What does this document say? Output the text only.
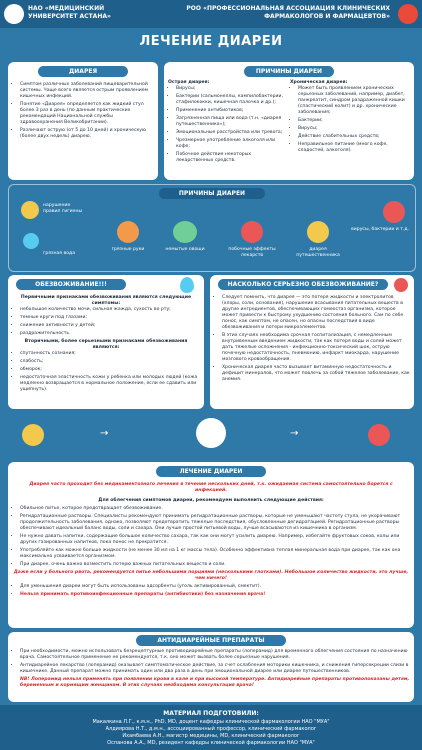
НАО «МЕДИЦИНСКИЙ УНИВЕРСИТЕТ АСТАНА»
РОО «ПРОФЕССИОНАЛЬНАЯ АССОЦИАЦИЯ КЛИНИЧЕСКИХ ФАРМАКОЛОГОВ И ФАРМАЦЕВТОВ»
ЛЕЧЕНИЕ ДИАРЕИ
ДИАРЕЯ
• Симптом различных заболеваний пищеварительной системы. Чаще всего является острым проявлением кишечных инфекций.
• Понятие «Диарея» определяется как жидкий стул более 3 раз в день (по данным практических рекомендаций Национальной службы здравоохранения Великобритании).
• Различают острую (от 5 до 10 дней) и хроническую (более двух недель) диарею.
ПРИЧИНЫ ДИАРЕИ
Острая диарея:
• Вирусы;
• Бактерии (сальмонеллы, кампилобактерии, стафилококки, кишечная палочка и др.);
• Применение антибиотиков;
• Загрязненная пища или вода (т.н. «диарея путешественника»);
• Эмоциональные расстройства или тревога;
• Чрезмерное употребление алкоголя или кофе;
• Побочное действие некоторых лекарственных средств.
Хроническая диарея:
• Может быть проявлением хронических серьезных заболеваний, например, диабет, панкреатит, синдром раздраженной кишки (спастический колит) и др. хронические заболевания;
• Бактерии;
• Вирусы;
• Действие слабительных средств;
• Неправильное питание (много кофе, сладостей, алкоголя).
ПРИЧИНЫ ДИАРЕИ
нарушение правил гигиены
грязная вода
грязные руки	немытые овощи	побочные эффекты лекарств
диарея путешественника
вирусы, бактерии и т.д.
ОБЕЗВОЖИВАНИЕ!!!
Первичными признаками обезвоживания являются следующие симптомы:
• небольшое количество мочи, сильная жажда, сухость во рту;
• темные круги под глазами;
• снижение активности у детей;
• раздражительность.
Вторичными, более серьезными признаками обезвоживания являются:
• спутанность сознания;
• слабость;
• обморок;
• недостаточная эластичность кожи у ребенка или молодых людей (кожа медленно возвращается в нормальное положение, если ее сдавить или ущипнуть).
НАСКОЛЬКО СЕРЬЕЗНО ОБЕЗВОЖИВАНИЕ?
• Следует помнить, что диарея — это потеря жидкости и электролитов (хлоры, соли, основания), нарушение всасывания питательных веществ в другие ингредиентов, обеспечивающих гомеостаз организма, которое может привести к быстрому ухудшению состояния больного. Сам по себе понос, как симптом, не опасен, но опасны последствия в виде обезвоживания и потери микроэлементов.
• В этих случаях необходима срочная госпитализация, с немедленным внутривенным введением жидкости, так как потеря воды и солей может дать тяжелые осложнения - инфекционно-токсический шок, острую почечную недостаточность, пневмонию, инфаркт миокарда, нарушение мозгового кровообращения.
• Хроническая диарея часто вызывает витаминную недостаточность и дефицит минералов, что может повлечь за собой тяжелое заболевание, как анемия.
→	→
ЛЕЧЕНИЕ ДИАРЕИ
Диарея часто проходит без медикаментозного лечения в течение нескольких дней, т.к. ожидаемая система самостоятельно борется с инфекцией.
Для облегчения симптомов диареи, рекомендуем выполнить следующие действия:
• Обильное питье, которое предотвращает обезвоживание.
• Регидратационные растворы. Специалисты рекомендуют принимать регидратационные растворы, которые не уменьшают частоту стула, не укорачивают продолжительность заболевания, однако, позволяют предотвратить тяжелые последствия, обусловленные дегидратацией. Регидратационные растворы обеспечивают идеальный баланс воды, соли и сахара. Они лучше простой питьевой воды, лучше всасываются из кишечника в организм.
• Не нужно давать напитки, содержащие большое количество сахара, так как они могут усилить диарею. Например, избегайте фруктовых соков, колы или других газированных напитков, пока понос не прекратится.
• Употребляйте как можно больше жидкости (не менее 30 мл на 1 кг массы тела). Особенно эффективна теплая минеральная вода при диарее, так как она максимально усваивается организмом.
• При диарее, очень важно возместить потерю важных питательных веществ и соли.
Даже если у больного рвота, рекомендуется питье небольшими порциями (несколькими глотками). Небольшое количество жидкости, это лучше, чем ничего!
• Для уменьшения диареи могут быть использованы адсорбенты (уголь активированный, смектит).
• Нельзя принимать противоинфекционные препараты (антибиотики) без назначения врача!
АНТИДИАРЕЙНЫЕ ПРЕПАРАТЫ
• При необходимости, можно использовать безрецептурные противодиарейные препараты (лоперамид) для временного облегчения состояния по назначению врача. Самостоятельное применение не рекомендуется, т.к. оно может вызвать более серьезные нарушения.
• Антидиарейное лекарство (лоперамид) оказывает симптоматическое действие, за счет ослабления моторики кишечника, и снижения гиперсекреции слизи в кишечнике. Данный препарат можно принимать один или два раза в день при эмоциональной диарее или диарее путешественников.
NB! Лоперамид нельзя применять при появлении крови в кале и при высокой температуре. Антидиарейные препараты противопоказаны детям, беременным и кормящим женщинам. В этих случаях необходима консультация врача!
МАТЕРИАЛ ПОДГОТОВИЛИ:
Макалкина Л.Г., к.м.н., PhD, MD, доцент кафедры клинической фармакологии НАО "МУА"
Алдиярова Н.Т., д.м.н., ассоциированный профессор, клинический фармаколог
Ихамбаева А.Н., магистр медицины, MD, клинический фармаколог
Оспанова А.А., MD, резидент кафедры клинической фармакологии НАО "МУА"
